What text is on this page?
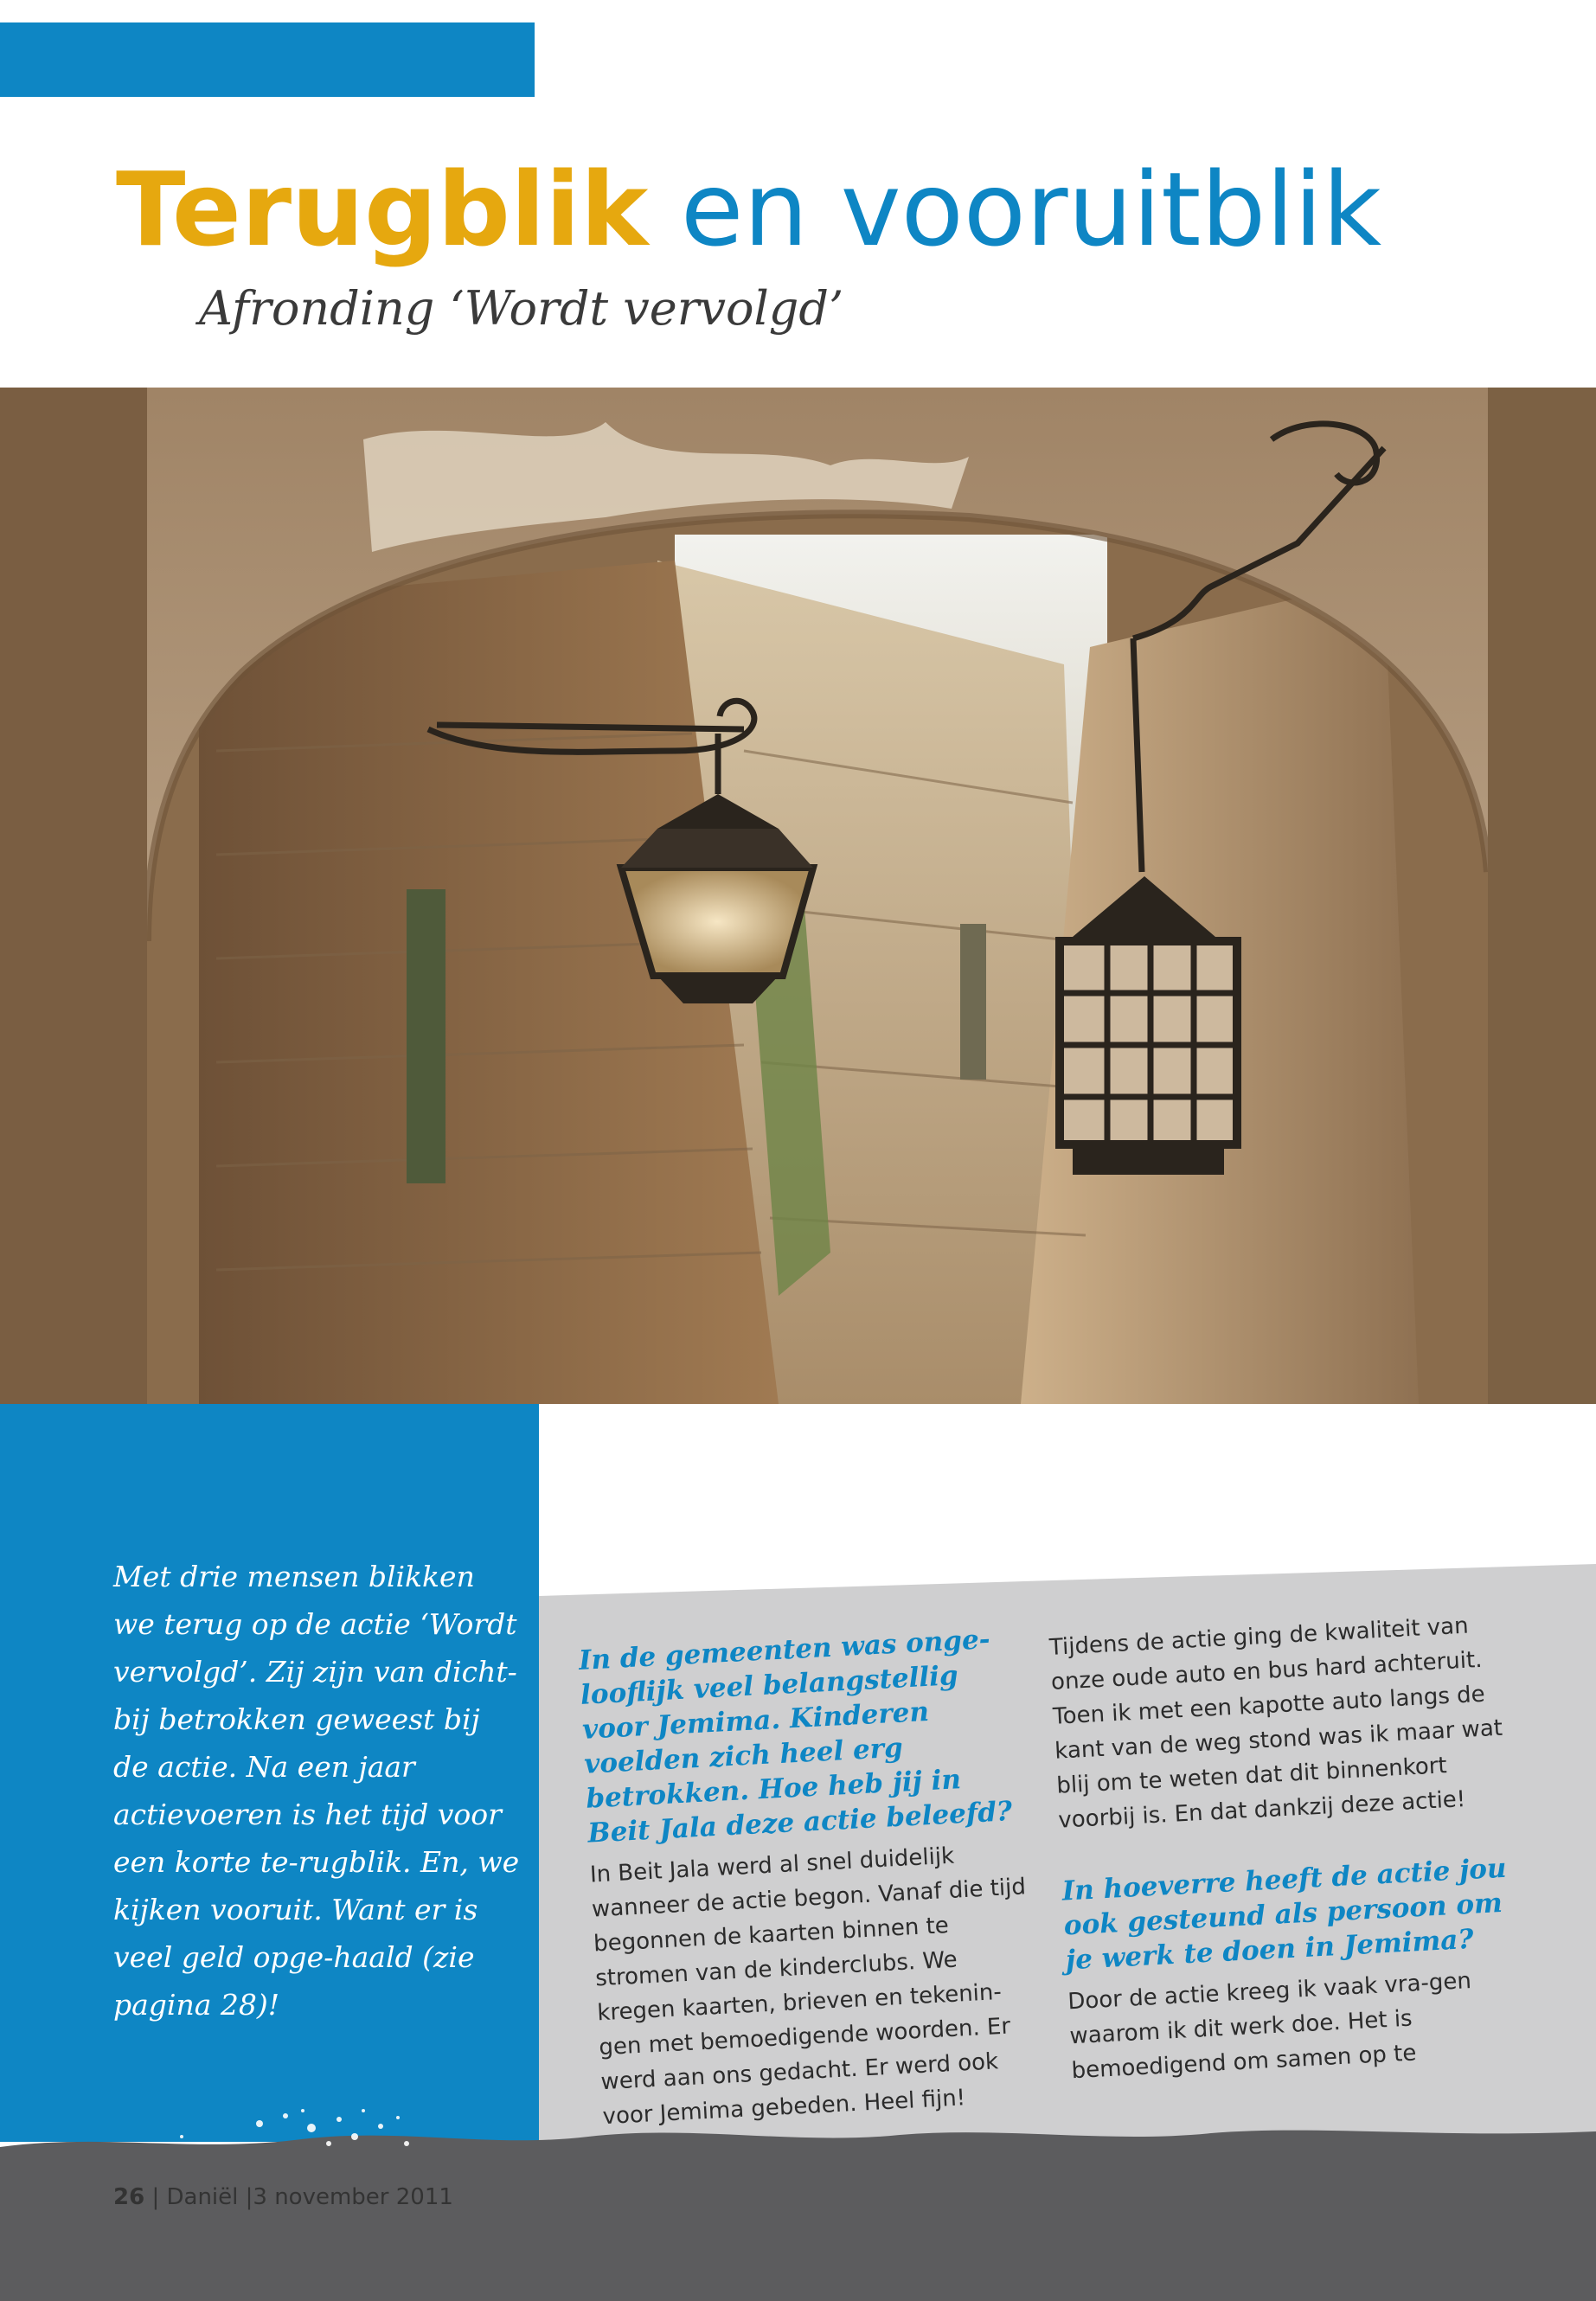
Terugblik en vooruitblik
Afronding ‘Wordt vervolgd’

Met drie mensen blikken we terug op de actie ‘Wordt vervolgd’. Zij zijn van dicht-bij betrokken geweest bij de actie. Na een jaar actievoeren is het tijd voor een korte te-rugblik. En, we kijken vooruit. Want er is veel geld opge-haald (zie pagina 28)!

In de gemeenten was onge-looflijk veel belangstellig voor Jemima. Kinderen voelden zich heel erg betrokken. Hoe heb jij in Beit Jala deze actie beleefd?

In Beit Jala werd al snel duidelijk wanneer de actie begon. Vanaf die tijd begonnen de kaarten binnen te stromen van de kinderclubs. We kregen kaarten, brieven en tekenin-gen met bemoedigende woorden. Er werd aan ons gedacht. Er werd ook voor Jemima gebeden. Heel fijn!

Tijdens de actie ging de kwaliteit van onze oude auto en bus hard achteruit. Toen ik met een kapotte auto langs de kant van de weg stond was ik maar wat blij om te weten dat dit binnenkort voorbij is. En dat dankzij deze actie!

In hoeverre heeft de actie jou ook gesteund als persoon om je werk te doen in Jemima?

Door de actie kreeg ik vaak vra-gen waarom ik dit werk doe. Het is bemoedigend om samen op te

26 | Daniël |3 november 2011
